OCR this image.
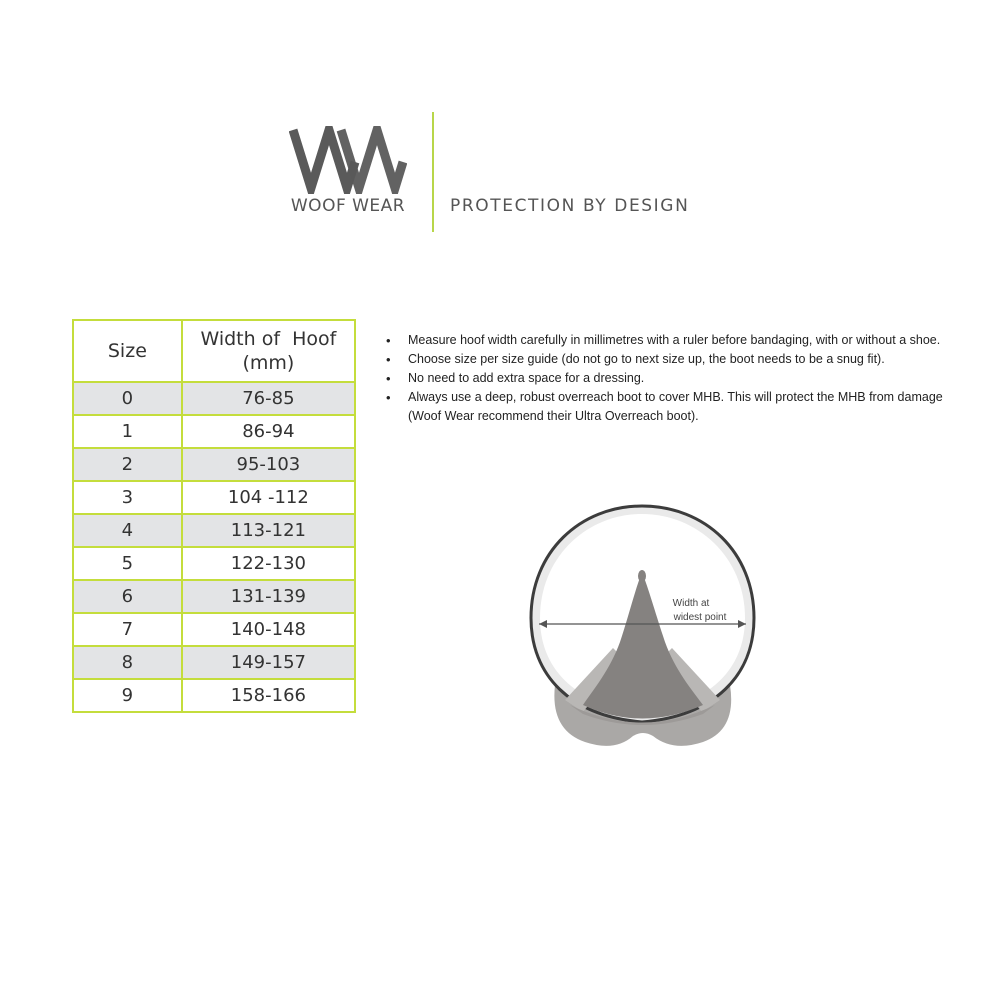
WOOF WEAR	PROTECTION BY DESIGN
Size	Width of  Hoof
(mm)

0	76-85
1	86-94
2	95-103
3	104 -112
4	113-121
5	122-130
6	131-139
7	140-148
8	149-157
9	158-166
• Measure hoof width carefully in millimetres with a ruler before bandaging, with or without a shoe.
• Choose size per size guide (do not go to next size up, the boot needs to be a snug fit).
• No need to add extra space for a dressing.
• Always use a deep, robust overreach boot to cover MHB. This will protect the MHB from damage (Woof Wear recommend their Ultra Overreach boot).
Width at
widest point
